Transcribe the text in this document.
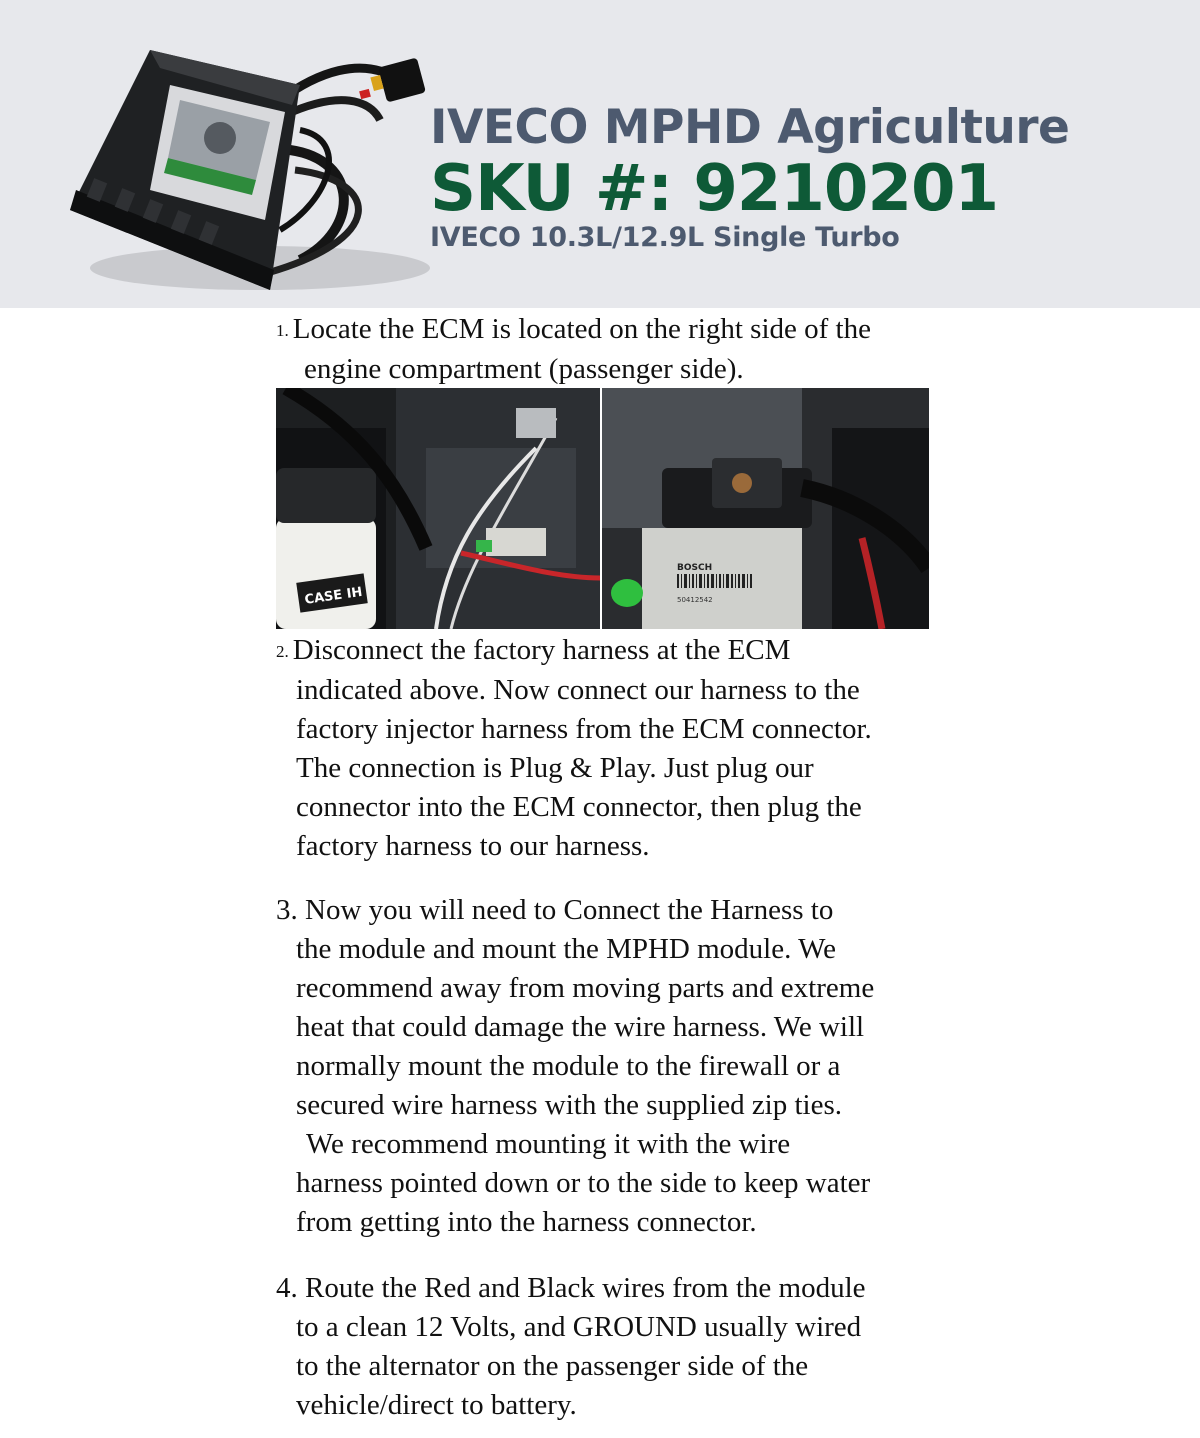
IVECO MPHD Agriculture
SKU #: 9210201
IVECO 10.3L/12.9L Single Turbo
1. Locate the ECM is located on the right side of the
engine compartment (passenger side).
CASE IH
BOSCH
50412542
2. Disconnect the factory harness at the ECM
indicated above. Now connect our harness to the
factory injector harness from the ECM connector.
The connection is Plug & Play. Just plug our
connector into the ECM connector, then plug the
factory harness to our harness.
3. Now you will need to Connect the Harness to
the module and mount the MPHD module. We
recommend away from moving parts and extreme
heat that could damage the wire harness. We will
normally mount the module to the firewall or a
secured wire harness with the supplied zip ties.
We recommend mounting it with the wire
harness pointed down or to the side to keep water
from getting into the harness connector.
4. Route the Red and Black wires from the module
to a clean 12 Volts, and GROUND usually wired
to the alternator on the passenger side of the
vehicle/direct to battery.
